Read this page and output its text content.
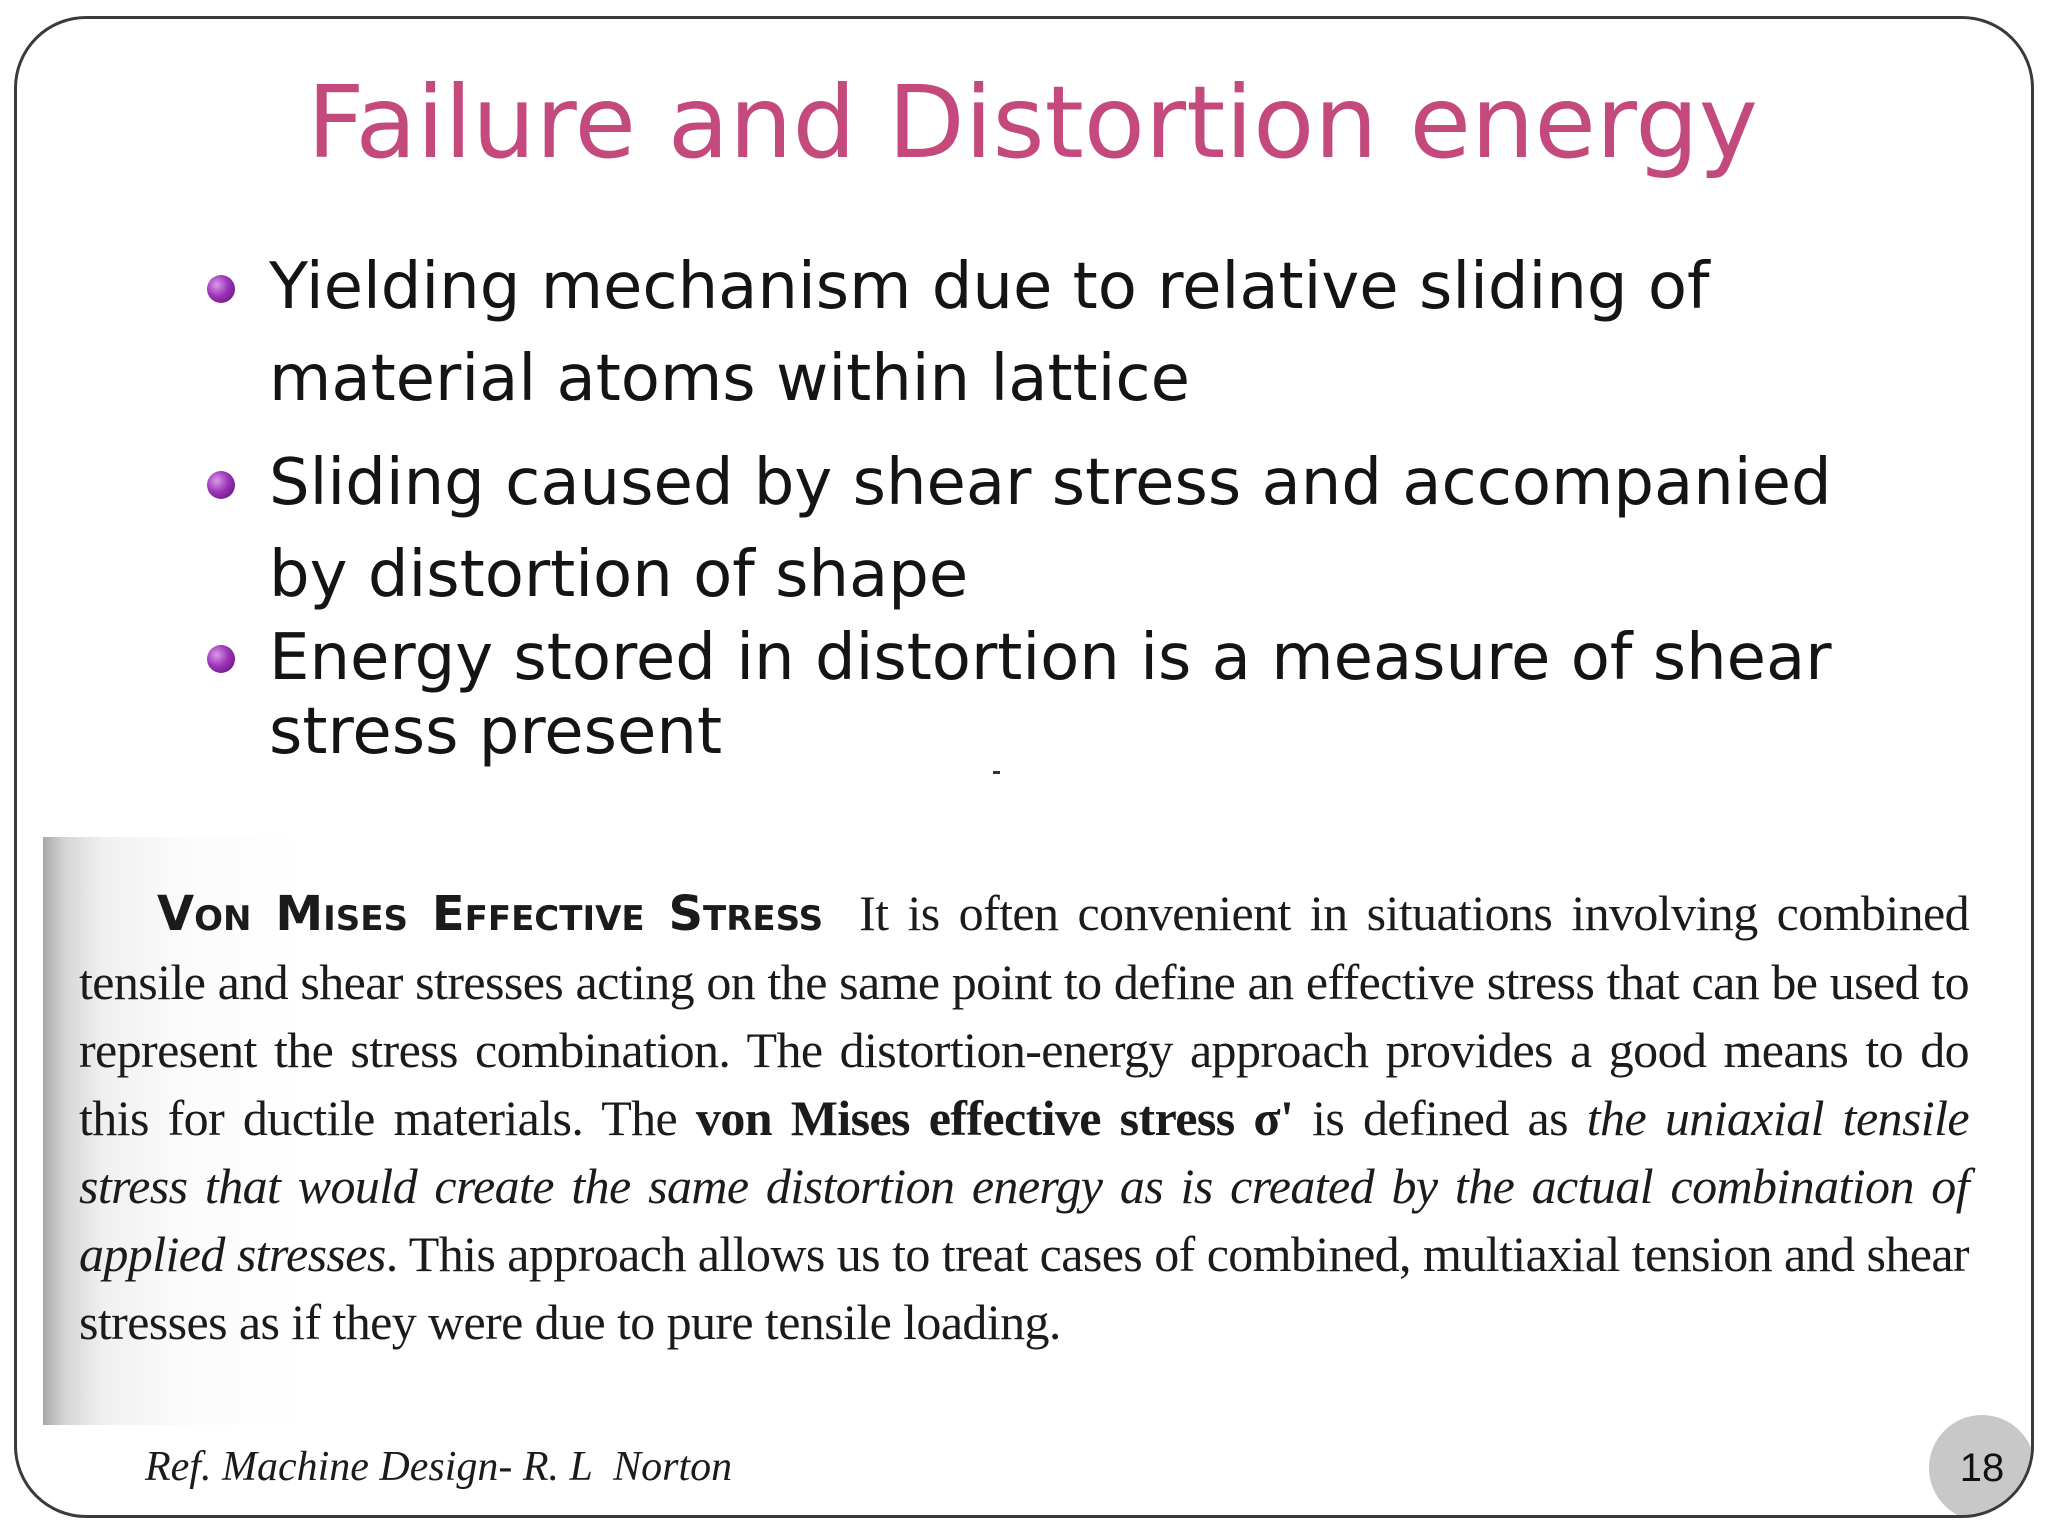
Failure and Distortion energy
Yielding mechanism due to relative sliding of material atoms within lattice
Sliding caused by shear stress and accompanied by distortion of shape
Energy stored in distortion is a measure of shear stress present

Von Mises Effective Stress It is often convenient in situations involving combined tensile and shear stresses acting on the same point to define an effective stress that can be used to represent the stress combination. The distortion-energy approach provides a good means to do this for ductile materials. The von Mises effective stress σ' is defined as the uniaxial tensile stress that would create the same distortion energy as is created by the actual combination of applied stresses. This approach allows us to treat cases of combined, multiaxial tension and shear stresses as if they were due to pure tensile loading.

Ref. Machine Design- R. L  Norton	18
